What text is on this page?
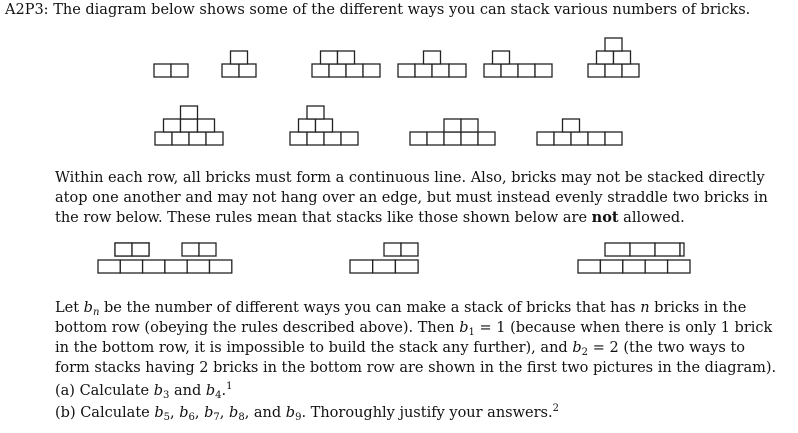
A2P3: The diagram below shows some of the different ways you can stack various numbers of bricks.

Within each row, all bricks must form a continuous line. Also, bricks may not be stacked directly

atop one another and may not hang over an edge, but must instead evenly straddle two bricks in

the row below. These rules mean that stacks like those shown below are not allowed.

Let $b_n$ be the number of different ways you can make a stack of bricks that has n bricks in the

bottom row (obeying the rules described above). Then $b_1 = 1$ (because when there is only 1 brick

in the bottom row, it is impossible to build the stack any further), and $b_2 = 2$ (the two ways to

form stacks having 2 bricks in the bottom row are shown in the first two pictures in the diagram).

(a) Calculate $b_3$ and $b_4.^1$

(b) Calculate $b_5$, $b_6$, $b_7$, $b_8$, and $b_9$. Thoroughly justify your answers.$^2$
